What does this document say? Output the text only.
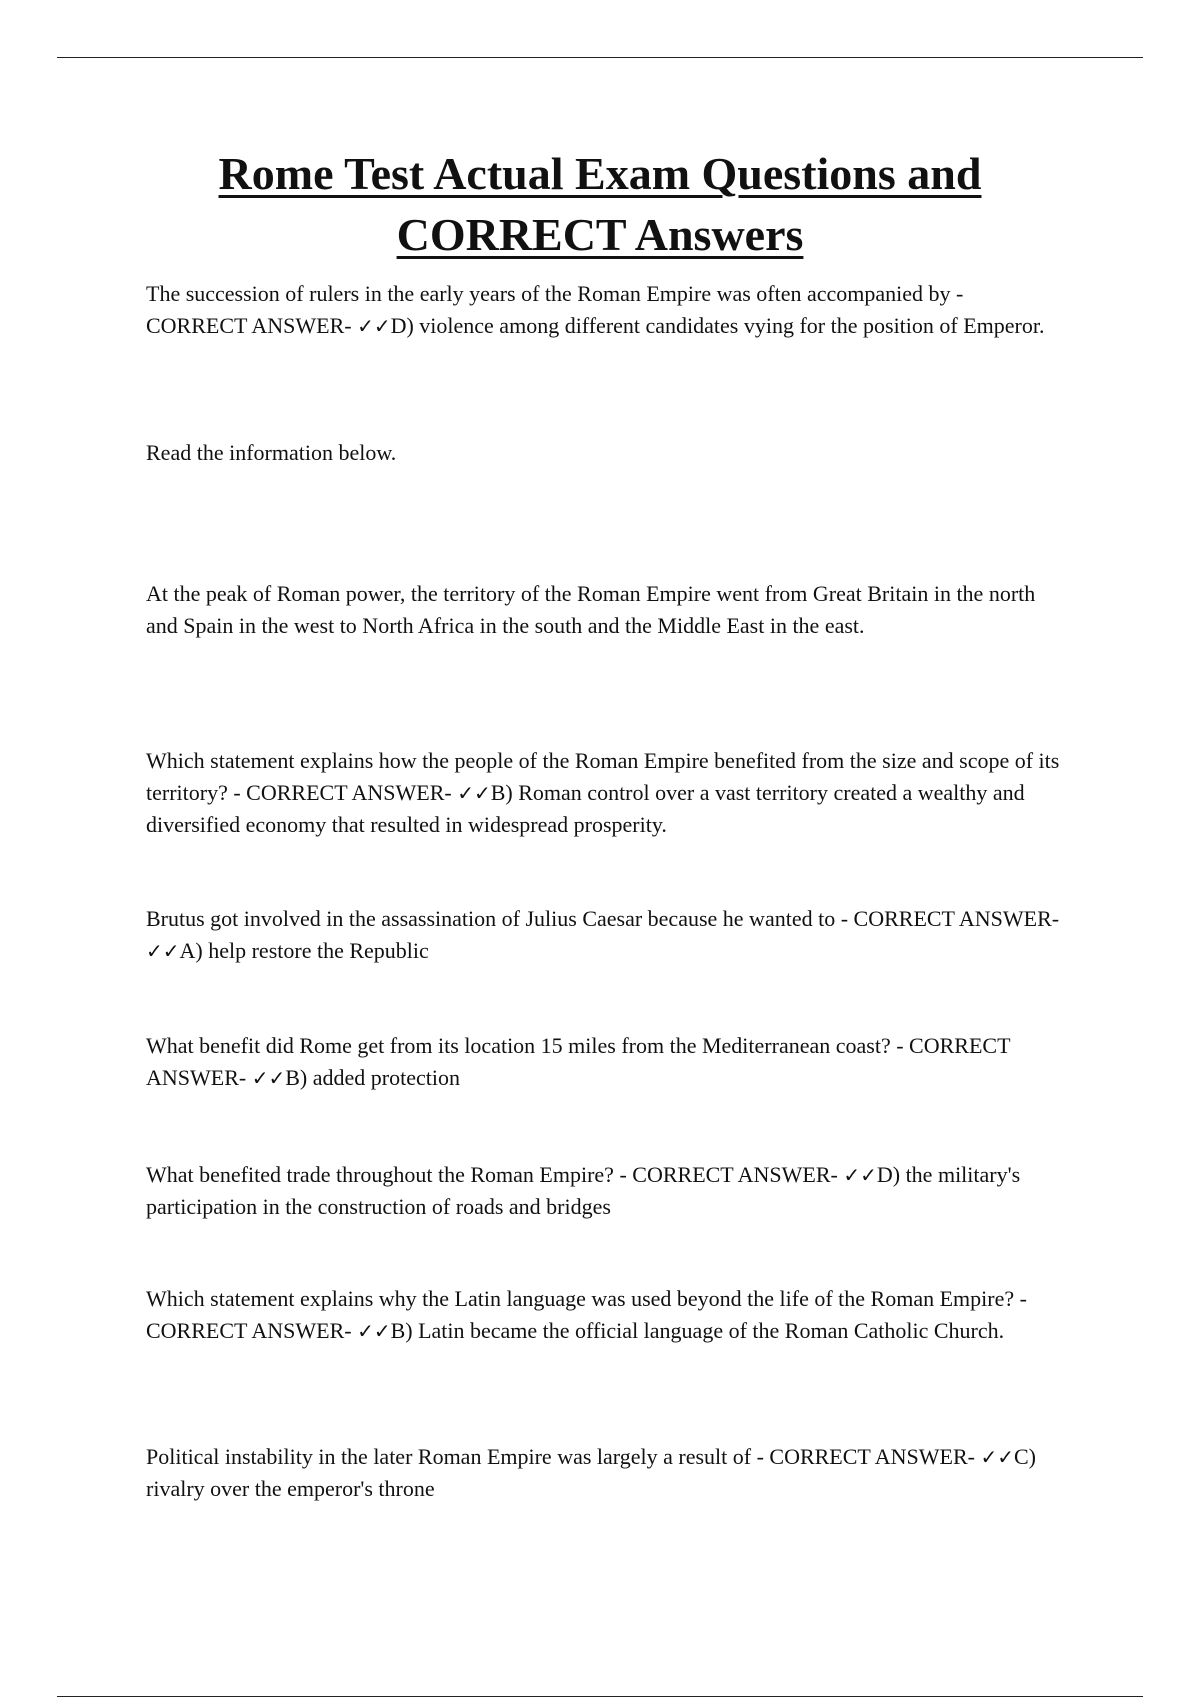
Rome Test Actual Exam Questions and
CORRECT Answers

The succession of rulers in the early years of the Roman Empire was often accompanied by - CORRECT ANSWER- ✓✓D) violence among different candidates vying for the position of Emperor.

Read the information below.

At the peak of Roman power, the territory of the Roman Empire went from Great Britain in the north and Spain in the west to North Africa in the south and the Middle East in the east.

Which statement explains how the people of the Roman Empire benefited from the size and scope of its territory? - CORRECT ANSWER- ✓✓B) Roman control over a vast territory created a wealthy and diversified economy that resulted in widespread prosperity.

Brutus got involved in the assassination of Julius Caesar because he wanted to - CORRECT ANSWER- ✓✓A) help restore the Republic

What benefit did Rome get from its location 15 miles from the Mediterranean coast? - CORRECT ANSWER- ✓✓B) added protection

What benefited trade throughout the Roman Empire? - CORRECT ANSWER- ✓✓D) the military's participation in the construction of roads and bridges

Which statement explains why the Latin language was used beyond the life of the Roman Empire? - CORRECT ANSWER- ✓✓B) Latin became the official language of the Roman Catholic Church.

Political instability in the later Roman Empire was largely a result of - CORRECT ANSWER- ✓✓C) rivalry over the emperor's throne
